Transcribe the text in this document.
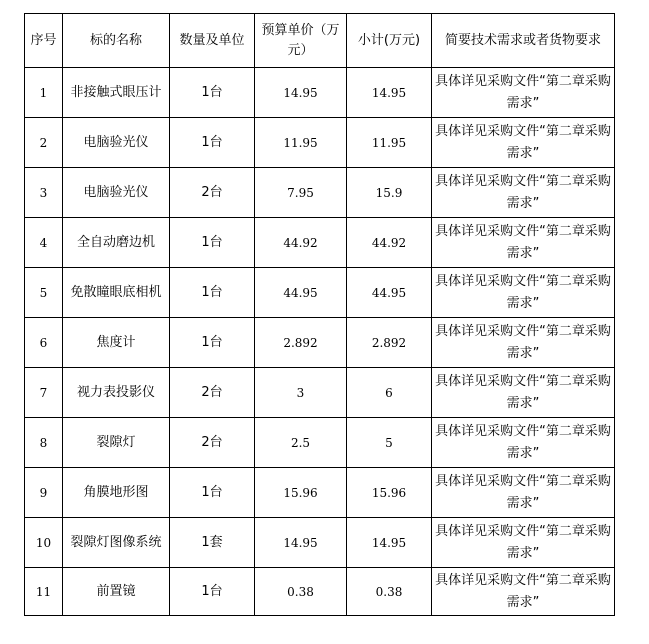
序号	标的名称	数量及单位	预算单价（万元）	小计(万元)	简要技术需求或者货物要求
1	非接触式眼压计	1台	14.95	14.95	具体详见采购文件“第二章采购需求”
2	电脑验光仪	1台	11.95	11.95	具体详见采购文件“第二章采购需求”
3	电脑验光仪	2台	7.95	15.9	具体详见采购文件“第二章采购需求”
4	全自动磨边机	1台	44.92	44.92	具体详见采购文件“第二章采购需求”
5	免散瞳眼底相机	1台	44.95	44.95	具体详见采购文件“第二章采购需求”
6	焦度计	1台	2.892	2.892	具体详见采购文件“第二章采购需求”
7	视力表投影仪	2台	3	6	具体详见采购文件“第二章采购需求”
8	裂隙灯	2台	2.5	5	具体详见采购文件“第二章采购需求”
9	角膜地形图	1台	15.96	15.96	具体详见采购文件“第二章采购需求”
10	裂隙灯图像系统	1套	14.95	14.95	具体详见采购文件“第二章采购需求”
11	前置镜	1台	0.38	0.38	具体详见采购文件“第二章采购需求”
